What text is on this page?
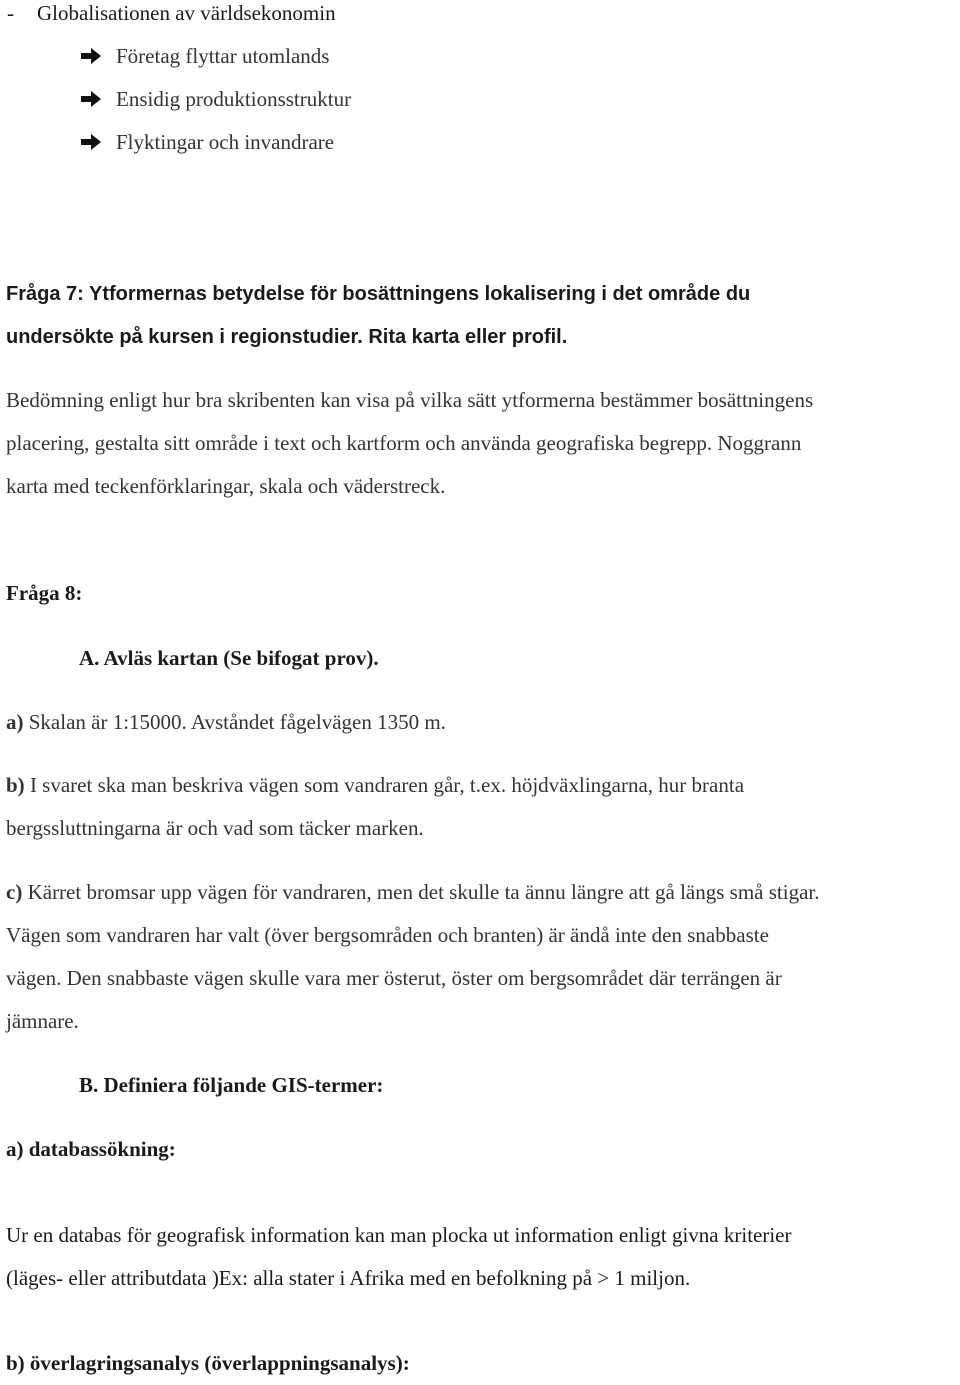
- Globalisationen av världsekonomin
Företag flyttar utomlands
Ensidig produktionsstruktur
Flyktingar och invandrare
Fråga 7: Ytformernas betydelse för bosättningens lokalisering i det område du
undersökte på kursen i regionstudier. Rita karta eller profil.
Bedömning enligt hur bra skribenten kan visa på vilka sätt ytformerna bestämmer bosättningens
placering, gestalta sitt område i text och kartform och använda geografiska begrepp. Noggrann
karta med teckenförklaringar, skala och väderstreck.
Fråga 8:
A. Avläs kartan (Se bifogat prov).
a) Skalan är 1:15000. Avståndet fågelvägen 1350 m.
b) I svaret ska man beskriva vägen som vandraren går, t.ex. höjdväxlingarna, hur branta
bergssluttningarna är och vad som täcker marken.
c) Kärret bromsar upp vägen för vandraren, men det skulle ta ännu längre att gå längs små stigar.
Vägen som vandraren har valt (över bergsområden och branten) är ändå inte den snabbaste
vägen. Den snabbaste vägen skulle vara mer österut, öster om bergsområdet där terrängen är
jämnare.
B. Definiera följande GIS-termer:
a) databassökning:
Ur en databas för geografisk information kan man plocka ut information enligt givna kriterier
(läges- eller attributdata )Ex: alla stater i Afrika med en befolkning på > 1 miljon.
b) överlagringsanalys (överlappningsanalys):
